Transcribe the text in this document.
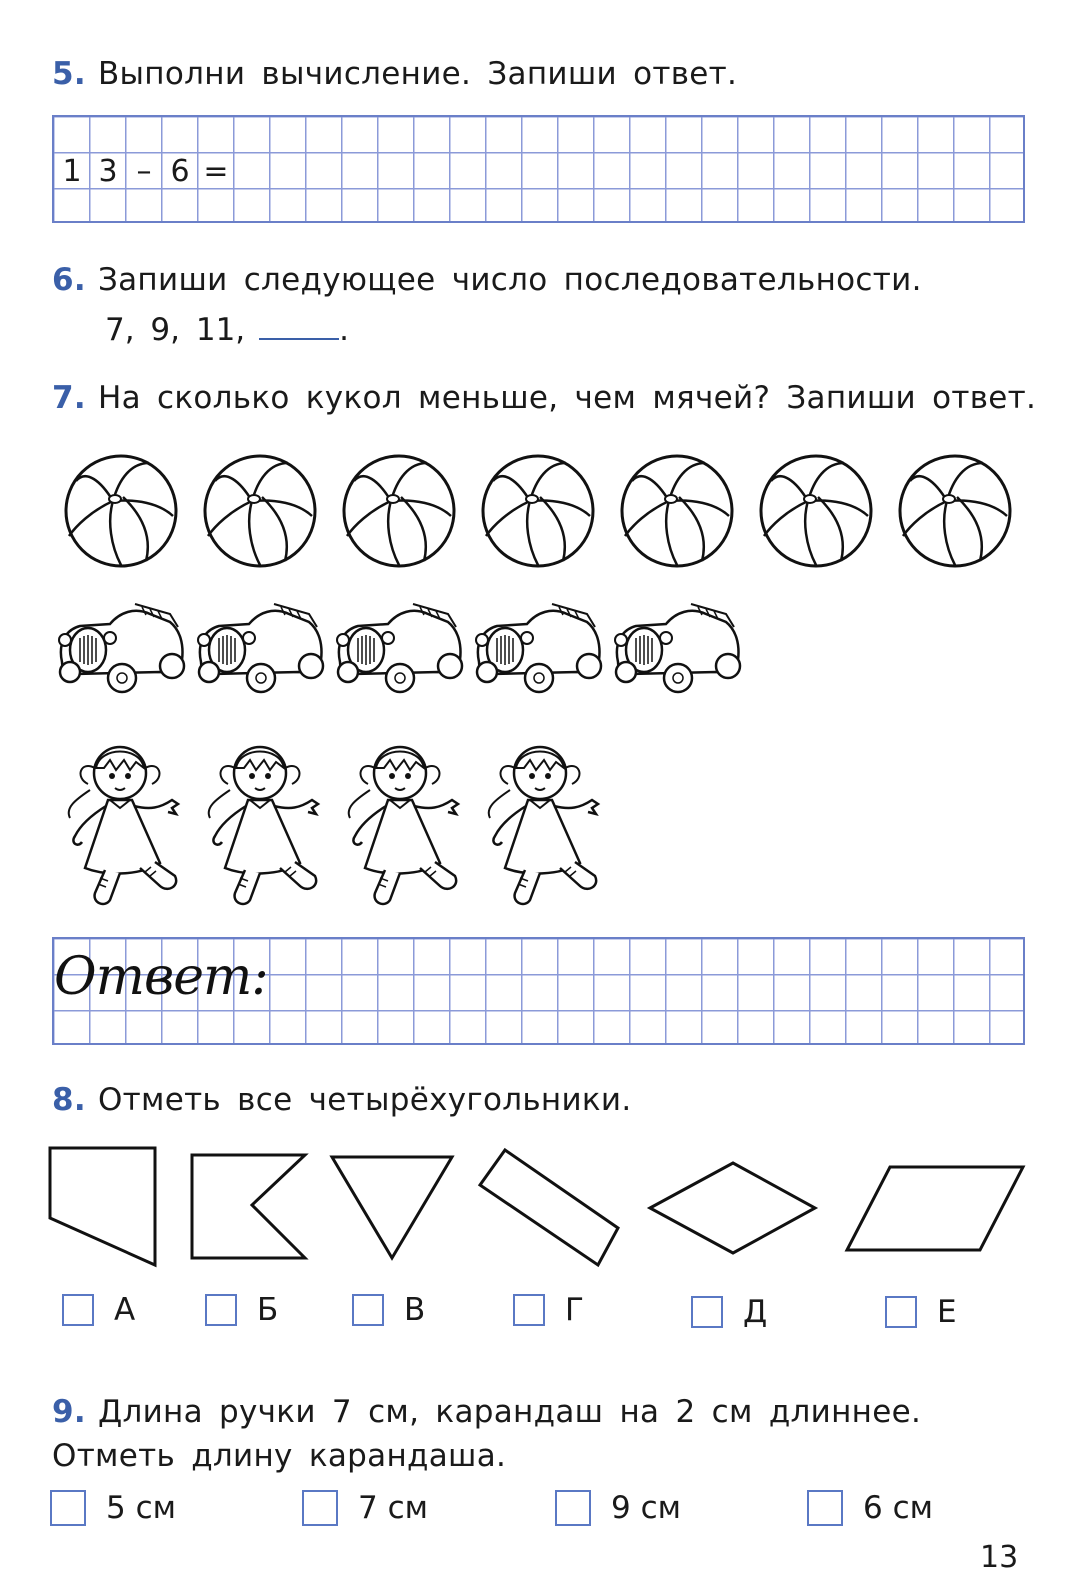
5. Выполни вычисление. Запиши ответ.
1 3 – 6 =
6. Запиши следующее число последовательности.
7, 9, 11,	.
7. На сколько кукол меньше, чем мячей? Запиши ответ.
Ответ:
8. Отметь все четырёхугольники.
А	Б	В	Г	Д	Е
9. Длина ручки 7 см, карандаш на 2 см длиннее.
Отметь длину карандаша.
5 см	7 см	9 см	6 см
13
